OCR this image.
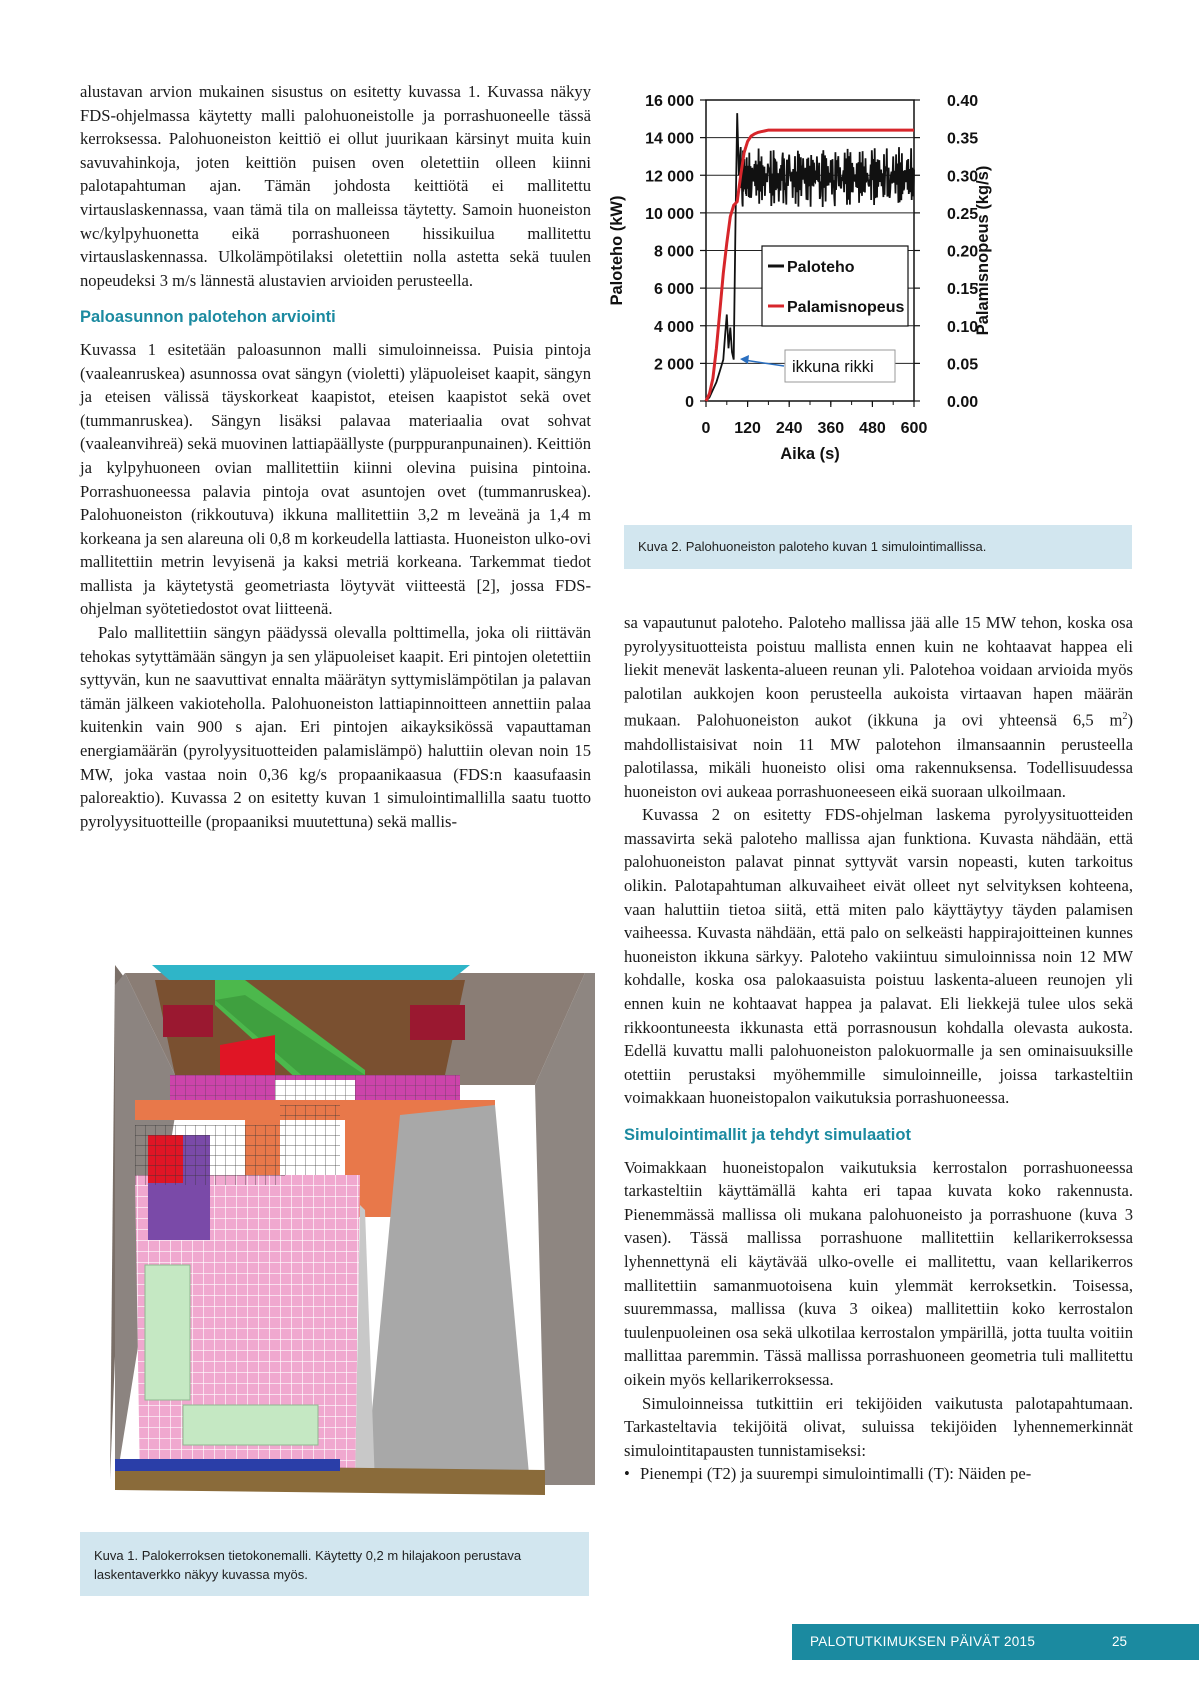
alustavan arvion mukainen sisustus on esitetty kuvassa 1. Kuvassa näkyy FDS-ohjelmassa käytetty malli palohuoneistolle ja porrashuoneelle tässä kerroksessa. Palohuoneiston keittiö ei ollut juurikaan kärsinyt muita kuin savuvahinkoja, joten keittiön puisen oven oletettiin olleen kiinni palotapahtuman ajan. Tämän johdosta keittiötä ei mallitettu virtauslaskennassa, vaan tämä tila on malleissa täytetty. Samoin huoneiston wc/kylpyhuonetta eikä porrashuoneen hissikuilua mallitettu virtauslaskennassa. Ulkolämpötilaksi oletettiin nolla astetta sekä tuulen nopeudeksi 3 m/s lännestä alustavien arvioiden perusteella.

Paloasunnon palotehon arviointi

Kuvassa 1 esitetään paloasunnon malli simuloinneissa. Puisia pintoja (vaaleanruskea) asunnossa ovat sängyn (violetti) yläpuoleiset kaapit, sängyn ja eteisen välissä täyskorkeat kaapistot, eteisen kaapistot sekä ovet (tummanruskea). Sängyn lisäksi palavaa materiaalia ovat sohvat (vaaleanvihreä) sekä muovinen lattiapäällyste (purppuranpunainen). Keittiön ja kylpyhuoneen ovian mallitettiin kiinni olevina puisina pintoina. Porrashuoneessa palavia pintoja ovat asuntojen ovet (tummanruskea). Palohuoneiston (rikkoutuva) ikkuna mallitettiin 3,2 m leveänä ja 1,4 m korkeana ja sen alareuna oli 0,8 m korkeudella lattiasta. Huoneiston ulko-ovi mallitettiin metrin levyisenä ja kaksi metriä korkeana. Tarkemmat tiedot mallista ja käytetystä geometriasta löytyvät viitteestä [2], jossa FDS-ohjelman syötetiedostot ovat liitteenä.

Palo mallitettiin sängyn päädyssä olevalla polttimella, joka oli riittävän tehokas sytyttämään sängyn ja sen yläpuoleiset kaapit. Eri pintojen oletettiin syttyvän, kun ne saavuttivat ennalta määrätyn syttymislämpötilan ja palavan tämän jälkeen vakioteholla. Palohuoneiston lattiapinnoitteen annettiin palaa kuitenkin vain 900 s ajan. Eri pintojen aikayksikössä vapauttaman energiamäärän (pyrolyysituotteiden palamislämpö) haluttiin olevan noin 15 MW, joka vastaa noin 0,36 kg/s propaanikaasua (FDS:n kaasufaasin paloreaktio). Kuvassa 2 on esitetty kuvan 1 simulointimallilla saatu tuotto pyrolyysituotteille (propaaniksi muutettuna) sekä mallis-

0
2 000
4 000
6 000
8 000
10 000
12 000
14 000
16 000
0.00
0.05
0.10
0.15
0.20
0.25
0.30
0.35
0.40
0 120 240 360 480 600
Aika (s)
Paloteho (kW)	Palamisnopeus (kg/s)
Paloteho
Palamisnopeus
ikkuna rikki
Kuva 2. Palohuoneiston paloteho kuvan 1 simulointimallissa.

sa vapautunut paloteho. Paloteho mallissa jää alle 15 MW tehon, koska osa pyrolyysituotteista poistuu mallista ennen kuin ne kohtaavat happea eli liekit menevät laskenta-alueen reunan yli. Palotehoa voidaan arvioida myös palotilan aukkojen koon perusteella aukoista virtaavan hapen määrän mukaan. Palohuoneiston aukot (ikkuna ja ovi yhteensä 6,5 $m^2$) mahdollistaisivat noin 11 MW palotehon ilmansaannin perusteella palotilassa, mikäli huoneisto olisi oma rakennuksensa. Todellisuudessa huoneiston ovi aukeaa porrashuoneeseen eikä suoraan ulkoilmaan.

Kuvassa 2 on esitetty FDS-ohjelman laskema pyrolyysituotteiden massavirta sekä paloteho mallissa ajan funktiona. Kuvasta nähdään, että palohuoneiston palavat pinnat syttyvät varsin nopeasti, kuten tarkoitus olikin. Palotapahtuman alkuvaiheet eivät olleet nyt selvityksen kohteena, vaan haluttiin tietoa siitä, että miten palo käyttäytyy täyden palamisen vaiheessa. Kuvasta nähdään, että palo on selkeästi happirajoitteinen kunnes huoneiston ikkuna särkyy. Paloteho vakiintuu simuloinnissa noin 12 MW kohdalle, koska osa palokaasuista poistuu laskenta-alueen reunojen yli ennen kuin ne kohtaavat happea ja palavat. Eli liekkejä tulee ulos sekä rikkoontuneesta ikkunasta että porrasnousun kohdalla olevasta aukosta. Edellä kuvattu malli palohuoneiston palokuormalle ja sen ominaisuuksille otettiin perustaksi myöhemmille simuloinneille, joissa tarkasteltiin voimakkaan huoneistopalon vaikutuksia porrashuoneessa.

Simulointimallit ja tehdyt simulaatiot

Voimakkaan huoneistopalon vaikutuksia kerrostalon porrashuoneessa tarkasteltiin käyttämällä kahta eri tapaa kuvata koko rakennusta. Pienemmässä mallissa oli mukana palohuoneisto ja porrashuone (kuva 3 vasen). Tässä mallissa porrashuone mallitettiin kellarikerroksessa lyhennettynä eli käytävää ulko-ovelle ei mallitettu, vaan kellarikerros mallitettiin samanmuotoisena kuin ylemmät kerroksetkin. Toisessa, suuremmassa, mallissa (kuva 3 oikea) mallitettiin koko kerrostalon tuulenpuoleinen osa sekä ulkotilaa kerrostalon ympärillä, jotta tuulta voitiin mallittaa paremmin. Tässä mallissa porrashuoneen geometria tuli mallitettu oikein myös kellarikerroksessa.

Simuloinneissa tutkittiin eri tekijöiden vaikutusta palotapahtumaan. Tarkasteltavia tekijöitä olivat, suluissa tekijöiden lyhennemerkinnät simulointitapausten tunnistamiseksi:

• Pienempi (T2) ja suurempi simulointimalli (T): Näiden pe-
Kuva 1. Palokerroksen tietokonemalli. Käytetty 0,2 m hilajakoon perustava laskentaverkko näkyy kuvassa myös.
PALOTUTKIMUKSEN PÄIVÄT 2015	25
